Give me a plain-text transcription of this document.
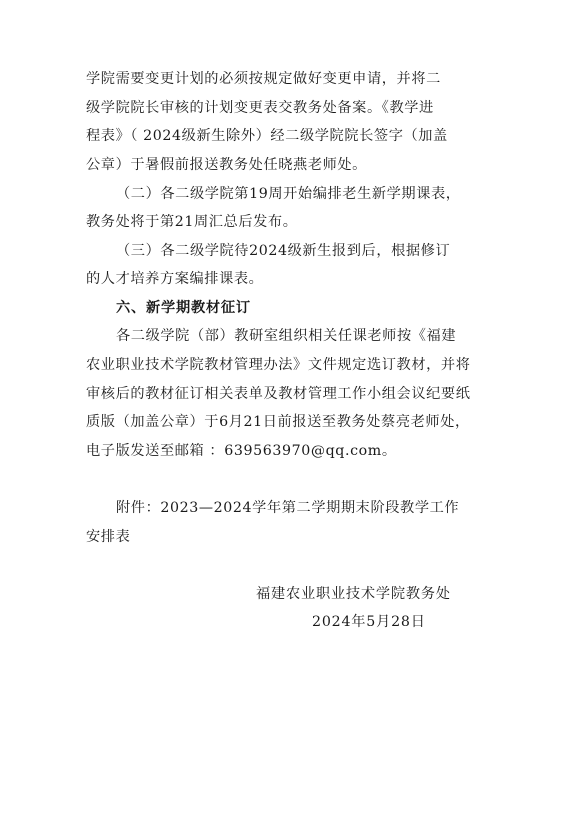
学院需要变更计划的必须按规定做好变更申请，并将二
级学院院长审核的计划变更表交教务处备案。《教学进
程表》（ 2024级新生除外）经二级学院院长签字（加盖
公章）于暑假前报送教务处任晓燕老师处。
（二）各二级学院第19周开始编排老生新学期课表，
教务处将于第21周汇总后发布。
（三）各二级学院待2024级新生报到后，根据修订
的人才培养方案编排课表。
六、新学期教材征订
各二级学院（部）教研室组织相关任课老师按《福建
农业职业技术学院教材管理办法》文件规定选订教材，并将
审核后的教材征订相关表单及教材管理工作小组会议纪要纸
质版（加盖公章）于6月21日前报送至教务处蔡亮老师处，
电子版发送至邮箱 ：639563970@qq.com。
附件：2023—2024学年第二学期期末阶段教学工作
安排表
福建农业职业技术学院教务处
2024年5月28日
